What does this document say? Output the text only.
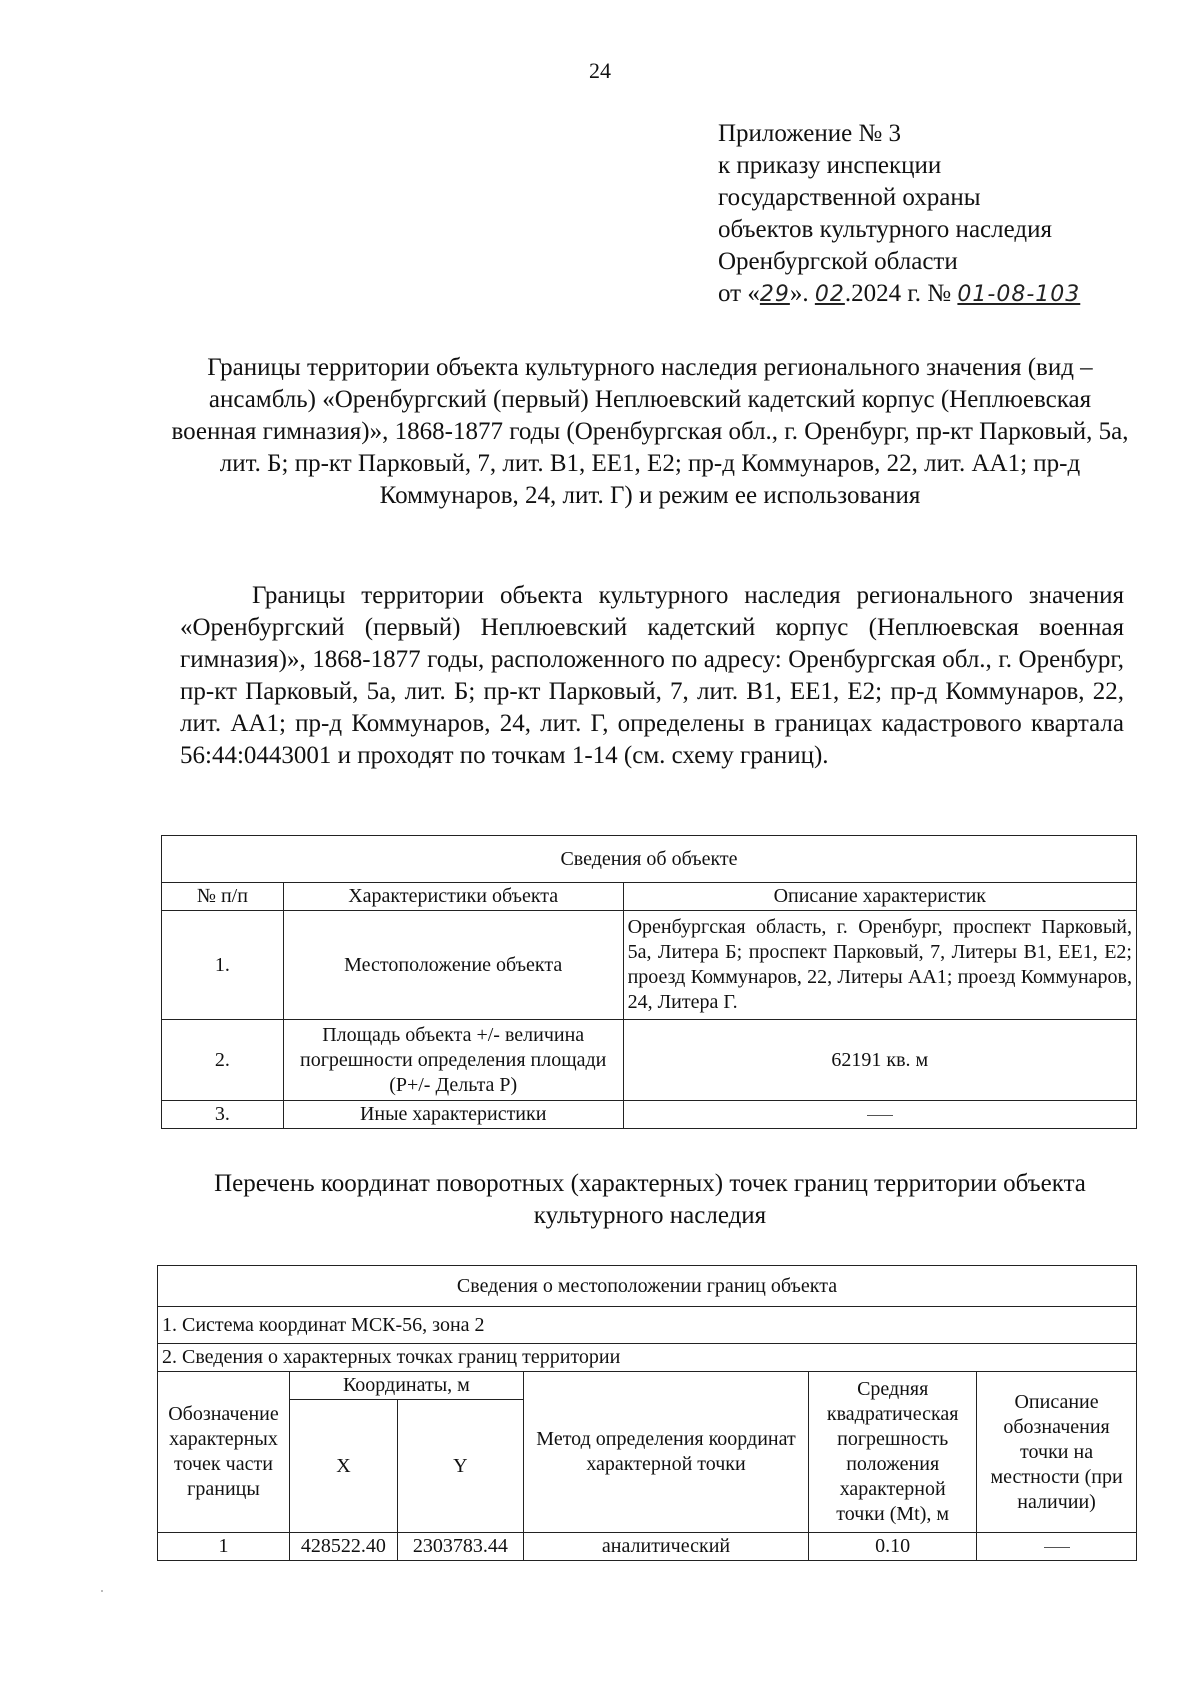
24
Приложение № 3
к приказу инспекции
государственной охраны
объектов культурного наследия
Оренбургской области
от «29». 02.2024 г. № 01-08-103
Границы территории объекта культурного наследия регионального значения (вид – ансамбль) «Оренбургский (первый) Неплюевский кадетский корпус (Неплюевская военная гимназия)», 1868-1877 годы (Оренбургская обл., г. Оренбург, пр-кт Парковый, 5а, лит. Б; пр-кт Парковый, 7, лит. В1, ЕЕ1, Е2; пр-д Коммунаров, 22, лит. АА1; пр-д Коммунаров, 24, лит. Г) и режим ее использования
Границы территории объекта культурного наследия регионального значения «Оренбургский (первый) Неплюевский кадетский корпус (Неплюевская военная гимназия)», 1868-1877 годы, расположенного по адресу: Оренбургская обл., г. Оренбург, пр-кт Парковый, 5а, лит. Б; пр-кт Парковый, 7, лит. В1, ЕЕ1, Е2; пр-д Коммунаров, 22, лит. АА1; пр-д Коммунаров, 24, лит. Г, определены в границах кадастрового квартала 56:44:0443001 и проходят по точкам 1-14 (см. схему границ).
Сведения об объекте		
№ п/п	Характеристики объекта	Описание характеристик
1.	Местоположение объекта	Оренбургская область, г. Оренбург, проспект Парковый, 5а, Литера Б; проспект Парковый, 7, Литеры В1, ЕЕ1, Е2; проезд Коммунаров, 22, Литеры АА1; проезд Коммунаров, 24, Литера Г.
2.	Площадь объекта +/- величина погрешности определения площади (Р+/- Дельта Р)	62191 кв. м
3.	Иные характеристики	
Перечень координат поворотных (характерных) точек границ территории объекта культурного наследия
Сведения о местоположении границ объекта					
1. Система координат МСК-56, зона 2					
2. Сведения о характерных точках границ территории					
Обозначение характерных точек части границы	Координаты, м		Метод определения координат характерной точки	Средняя квадратическая погрешность положения характерной точки (Mt), м	Описание обозначения точки на местности (при наличии)
	X	Y			
1	428522.40	2303783.44	аналитический	0.10	
